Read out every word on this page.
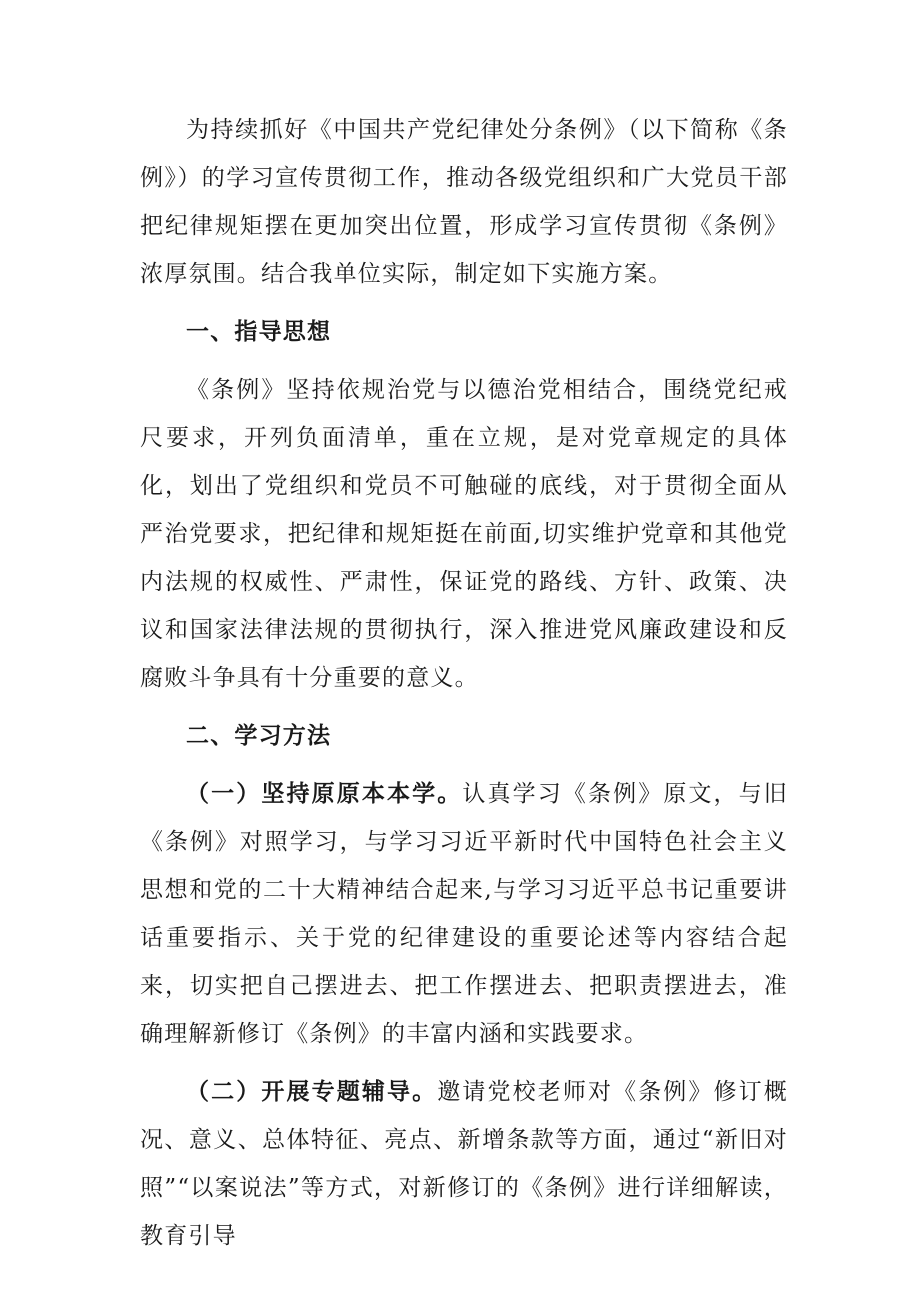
为持续抓好《中国共产党纪律处分条例》（以下简称《条例》）的学习宣传贯彻工作，推动各级党组织和广大党员干部把纪律规矩摆在更加突出位置，形成学习宣传贯彻《条例》浓厚氛围。结合我单位实际，制定如下实施方案。

一、指导思想

《条例》坚持依规治党与以德治党相结合，围绕党纪戒尺要求，开列负面清单，重在立规，是对党章规定的具体化，划出了党组织和党员不可触碰的底线，对于贯彻全面从严治党要求，把纪律和规矩挺在前面,切实维护党章和其他党内法规的权威性、严肃性，保证党的路线、方针、政策、决议和国家法律法规的贯彻执行，深入推进党风廉政建设和反腐败斗争具有十分重要的意义。

二、学习方法

（一）坚持原原本本学。认真学习《条例》原文，与旧《条例》对照学习，与学习习近平新时代中国特色社会主义思想和党的二十大精神结合起来,与学习习近平总书记重要讲话重要指示、关于党的纪律建设的重要论述等内容结合起来，切实把自己摆进去、把工作摆进去、把职责摆进去，准确理解新修订《条例》的丰富内涵和实践要求。

（二）开展专题辅导。邀请党校老师对《条例》修订概况、意义、总体特征、亮点、新增条款等方面，通过“新旧对照”“以案说法”等方式，对新修订的《条例》进行详细解读，教育引导
